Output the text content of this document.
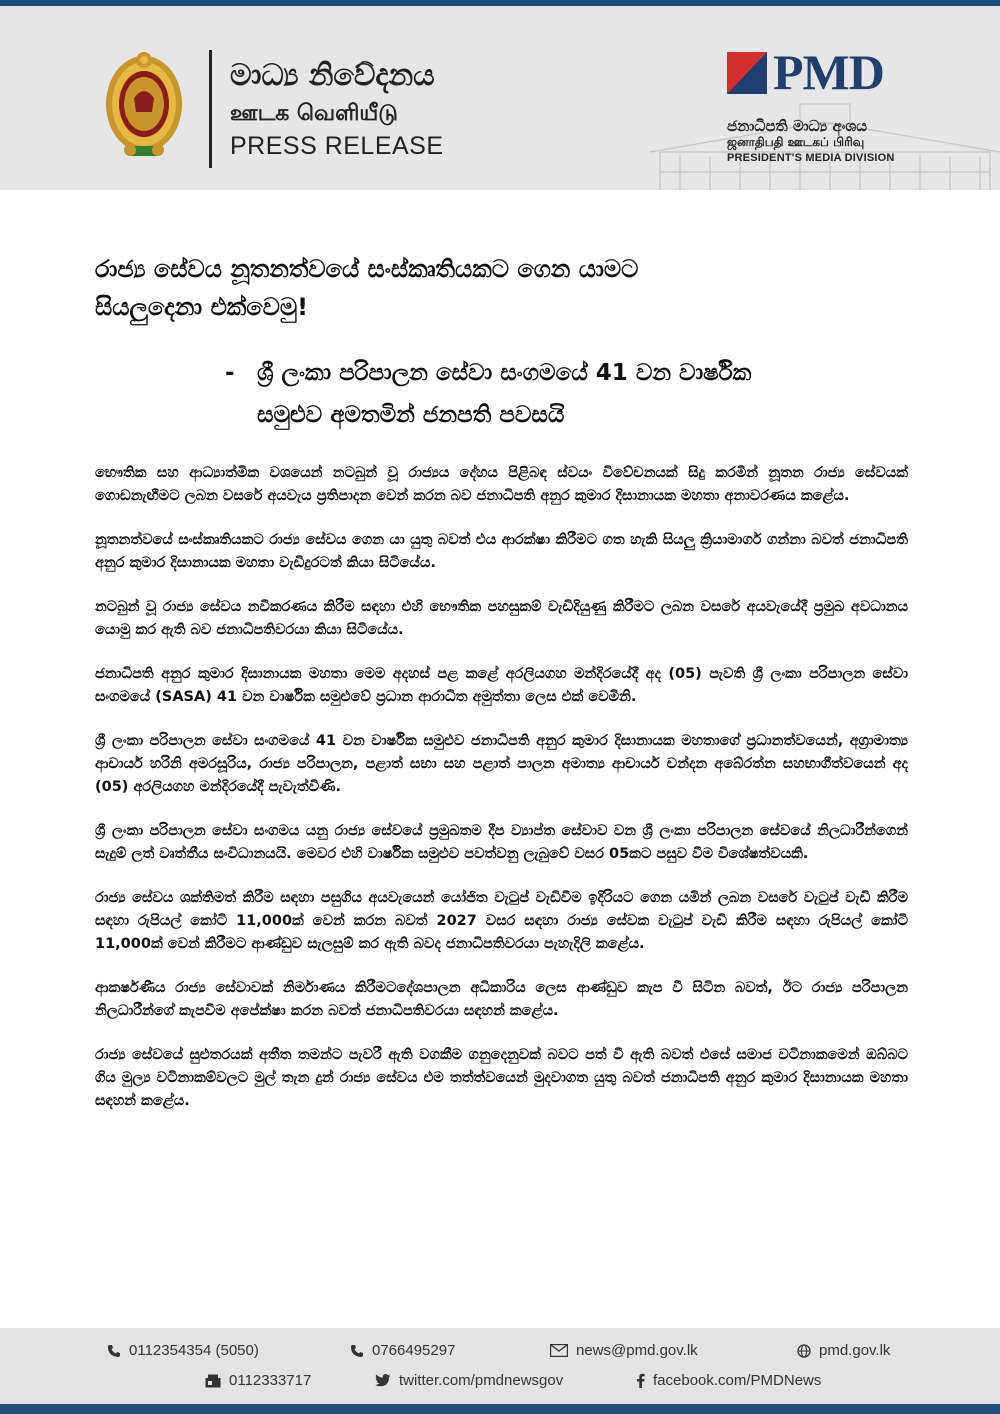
මාධ්‍ය නිවේදනය
ஊடக வெளியீடு
PRESS RELEASE
PMD
ජනාධිපති මාධ්‍ය අංශය
ஜனாதிபதி ஊடகப் பிரிவு
PRESIDENT'S MEDIA DIVISION
රාජ්‍ය සේවය නූතනත්වයේ සංස්කෘතියකට ගෙන යාමට
සියලුදෙනා එක්වෙමු!
- ශ්‍රී ලංකා පරිපාලන සේවා සංගමයේ 41 වන වාර්ෂික
සමුළුව අමතමින් ජනපති පවසයි

භෞතික සහ ආධ්‍යාත්මික වශයෙන් නටබුන් වූ රාජ්‍යය දේහය පිළිබඳ ස්වයං විවේචනයක් සිදු කරමින් නූතන රාජ්‍ය සේවයක් ගොඩනැඟීමට ලබන වසරේ අයවැය ප්‍රතිපාදන වෙන් කරන බව ජනාධිපති අනුර කුමාර දිසානායක මහතා අනාවරණය කළේය.

නූතනත්වයේ සංස්කෘතියකට රාජ්‍ය සේවය ගෙන යා යුතු බවත් එය ආරක්ෂා කිරීමට ගත හැකි සියලු ක්‍රියාමාර්ග ගන්නා බවත් ජනාධිපති අනුර කුමාර දිසානායක මහතා වැඩිදුරටත් කියා සිටියේය.

නටබුන් වූ රාජ්‍ය සේවය නවීකරණය කිරීම සඳහා එහි භෞතික පහසුකම් වැඩිදියුණු කිරීමට ලබන වසරේ අයවැයේදී ප්‍රමුඛ අවධානය යොමු කර ඇති බව ජනාධිපතිවරයා කියා සිටියේය.

ජනාධිපති අනුර කුමාර දිසානායක මහතා මෙම අදහස් පළ කළේ අරලියගහ මන්දිරයේදී අද (05) පැවති ශ්‍රී ලංකා පරිපාලන සේවා සංගමයේ (SASA) 41 වන වාර්ෂික සමුළුවේ ප්‍රධාන ආරාධිත අමුත්තා ලෙස එක් වෙමිනි.

ශ්‍රී ලංකා පරිපාලන සේවා සංගමයේ 41 වන වාර්ෂික සමුළුව ජනාධිපති අනුර කුමාර දිසානායක මහතාගේ ප්‍රධානත්වයෙන්, අග්‍රාමාත්‍ය ආචාර්ය හරිනි අමරසූරිය, රාජ්‍ය පරිපාලන, පළාත් සභා සහ පළාත් පාලන අමාත්‍ය ආචාර්ය චන්දන අබේරත්න සහභාගීත්වයෙන් අද (05) අරලියගහ මන්දිරයේදී පැවැත්විණි.

ශ්‍රී ලංකා පරිපාලන සේවා සංගමය යනු රාජ්‍ය සේවයේ ප්‍රමුඛතම දීප ව්‍යාප්ත සේවාව වන ශ්‍රී ලංකා පරිපාලන සේවයේ නිලධාරීන්ගෙන් සැදුම් ලත් වෘත්තීය සංවිධානයයි. මෙවර එහි වාර්ෂික සමුළුව පවත්වනු ලැබුවේ වසර 05කට පසුව වීම විශේෂත්වයකි.

රාජ්‍ය සේවය ශක්තිමත් කිරීම සඳහා පසුගිය අයවැයෙන් යෝජිත වැටුප් වැඩිවීම ඉදිරියට ගෙන යමින් ලබන වසරේ වැටුප් වැඩි කිරීම සඳහා රුපියල් කෝටි 11,000ක් වෙන් කරන බවත් 2027 වසර සඳහා රාජ්‍ය සේවක වැටුප් වැඩි කිරීම සඳහා රුපියල් කෝටි 11,000ක් වෙන් කිරීමට ආණ්ඩුව සැලසුම් කර ඇති බවද ජනාධිපතිවරයා පැහැදිලි කළේය.

ආකර්ෂණීය රාජ්‍ය සේවාවක් නිර්මාණය කිරීමටදේශපාලන අධිකාරිය ලෙස ආණ්ඩුව කැප වී සිටින බවත්, ඊට රාජ්‍ය පරිපාලන නිලධාරීන්ගේ කැපවීම අපේක්ෂා කරන බවත් ජනාධිපතිවරයා සඳහන් කළේය.

රාජ්‍ය සේවයේ සුළුතරයක් අතීත තමන්ට පැවරී ඇති වගකීම ගනුදෙනුවක් බවට පත් වී ඇති බවත් එසේ සමාජ වටිනාකමෙන් ඔබ්බට ගිය මුල්‍ය වටිනාකම්වලට මුල් තැන දුන් රාජ්‍ය සේවය එම තත්ත්වයෙන් මුදවාගත යුතු බවත් ජනාධිපති අනුර කුමාර දිසානායක මහතා සඳහන් කළේය.

0112354354 (5050)	0766495297	news@pmd.gov.lk	pmd.gov.lk
0112333717	twitter.com/pmdnewsgov	facebook.com/PMDNews
